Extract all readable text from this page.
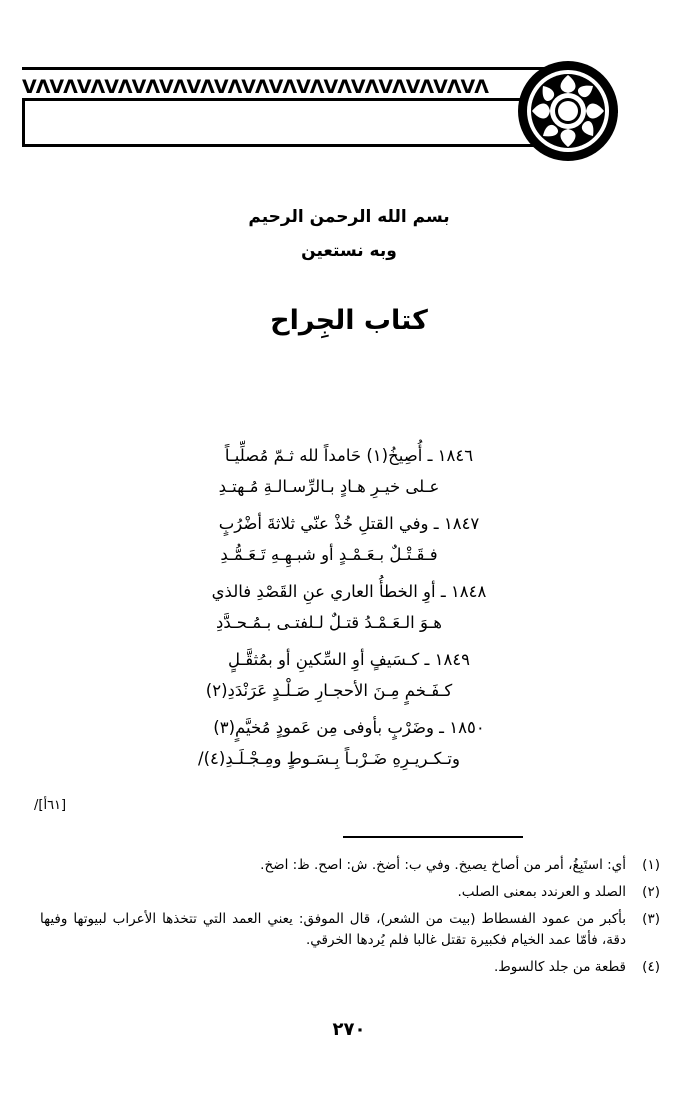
ᐯᐱᐯᐱᐯᐱᐯᐱᐯᐱᐯᐱᐯᐱᐯᐱᐯᐱᐯᐱᐯᐱᐯᐱᐯᐱᐯᐱᐯᐱᐯᐱᐯᐱ
بسم الله الرحمن الرحيم
وبه نستعين
كتاب الجِراح
١٨٤٦ ـ أُصِيخُ(١) حَامداً لله ثـمّ مُصلِّيـاً
عـلى خيـرِ هـادٍ بـالرِّسـالـةِ مُـهتـدِ
١٨٤٧ ـ وفي القتلِ خُذْ عنّي ثلاثةَ أضْرُبٍ
فـقَـتْـلٌ بـعَـمْـدٍ أو شبـهِـهِ تَـعَـمُّـدِ
١٨٤٨ ـ أوِ الخطأُ العاري عنِ القَصْدِ فالذي
هـوَ الـعَـمْـدُ قتـلٌ لـلفتـى بـمُـحـدَّدِ
١٨٤٩ ـ كـسَيفٍ أوِ السِّكينِ أو بمُثقَّـلٍ
كـفَـخمٍ مِـنَ الأحجـارِ صَـلْـدٍ عَرَنْدَدِ(٢)
١٨٥٠ ـ وضَرْبٍ بأوفى مِن عَمودٍ مُخيَّمٍ(٣)
وتـكـريـرِهِ ضَـرْبـاً بِـسَـوطٍ ومِـجْـلَـدِ(٤)/
/[٦١أ]
(١)
أي: استَبِغُ، أمر من أصاخ يصيخ. وفي ب: أضخ. ش: اصح. ظ: اضخ.
(٢)
الصلد و العرندد بمعنى الصلب.
(٣)
بأكبر من عمود الفسطاط (بيت من الشعر)، قال الموفق: يعني العمد التي تتخذها الأعراب لبيوتها وفيها دقة، فأمّا عمد الخيام فكبيرة تقتل غالبا فلم يُردها الخرقي.
(٤)
قطعة من جلد كالسوط.
٢٧٠
